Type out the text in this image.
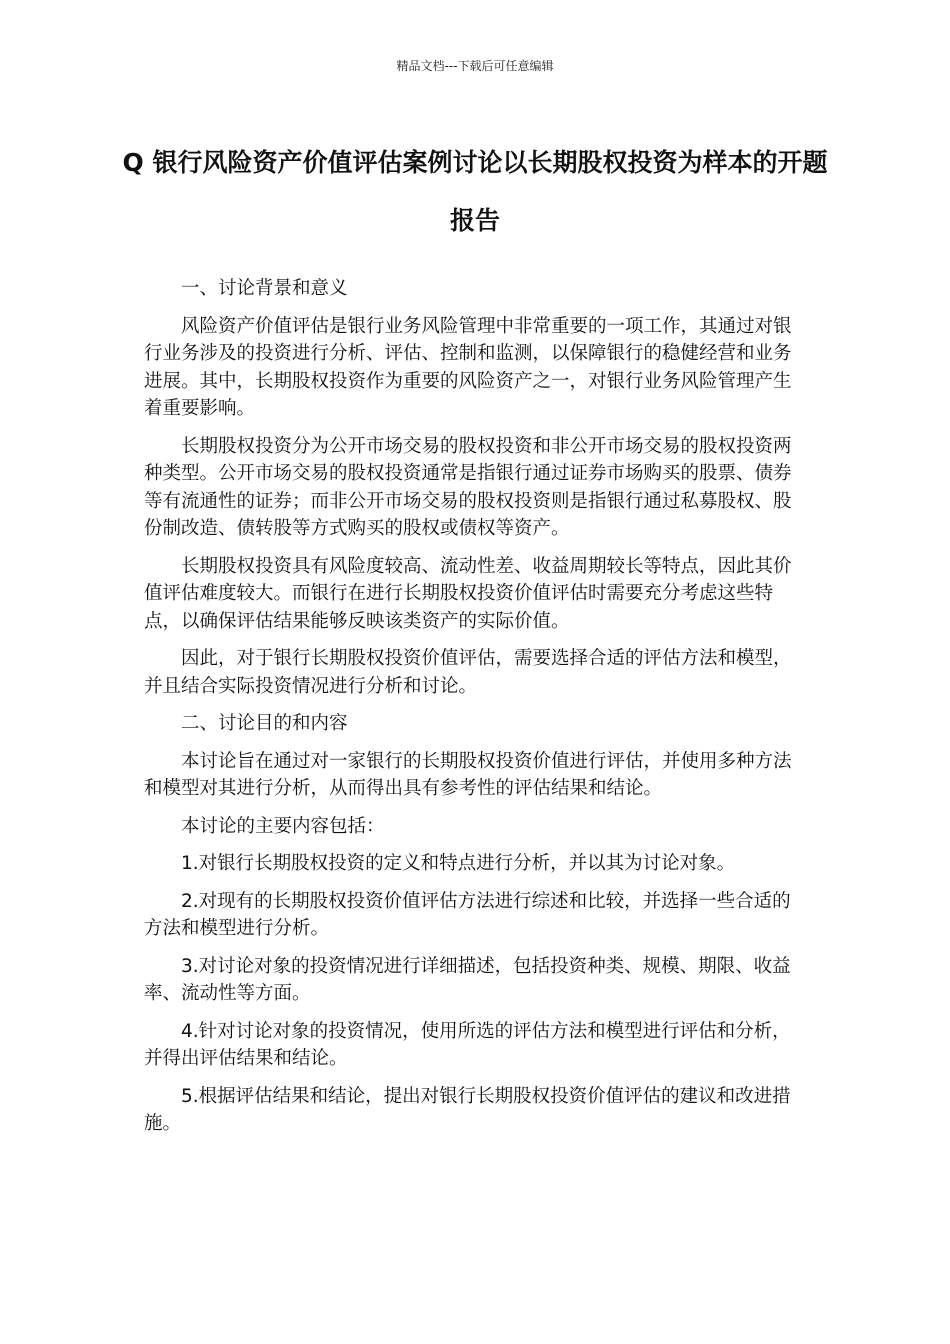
精品文档---下载后可任意编辑
Q 银行风险资产价值评估案例讨论以长期股权投资为样本的开题报告

一、讨论背景和意义

风险资产价值评估是银行业务风险管理中非常重要的一项工作，其通过对银行业务涉及的投资进行分析、评估、控制和监测，以保障银行的稳健经营和业务进展。其中，长期股权投资作为重要的风险资产之一，对银行业务风险管理产生着重要影响。

长期股权投资分为公开市场交易的股权投资和非公开市场交易的股权投资两种类型。公开市场交易的股权投资通常是指银行通过证券市场购买的股票、债券等有流通性的证券；而非公开市场交易的股权投资则是指银行通过私募股权、股份制改造、债转股等方式购买的股权或债权等资产。

长期股权投资具有风险度较高、流动性差、收益周期较长等特点，因此其价值评估难度较大。而银行在进行长期股权投资价值评估时需要充分考虑这些特点，以确保评估结果能够反映该类资产的实际价值。

因此，对于银行长期股权投资价值评估，需要选择合适的评估方法和模型，并且结合实际投资情况进行分析和讨论。

二、讨论目的和内容

本讨论旨在通过对一家银行的长期股权投资价值进行评估，并使用多种方法和模型对其进行分析，从而得出具有参考性的评估结果和结论。

本讨论的主要内容包括：

1.对银行长期股权投资的定义和特点进行分析，并以其为讨论对象。

2.对现有的长期股权投资价值评估方法进行综述和比较，并选择一些合适的方法和模型进行分析。

3.对讨论对象的投资情况进行详细描述，包括投资种类、规模、期限、收益率、流动性等方面。

4.针对讨论对象的投资情况，使用所选的评估方法和模型进行评估和分析，并得出评估结果和结论。

5.根据评估结果和结论，提出对银行长期股权投资价值评估的建议和改进措施。
